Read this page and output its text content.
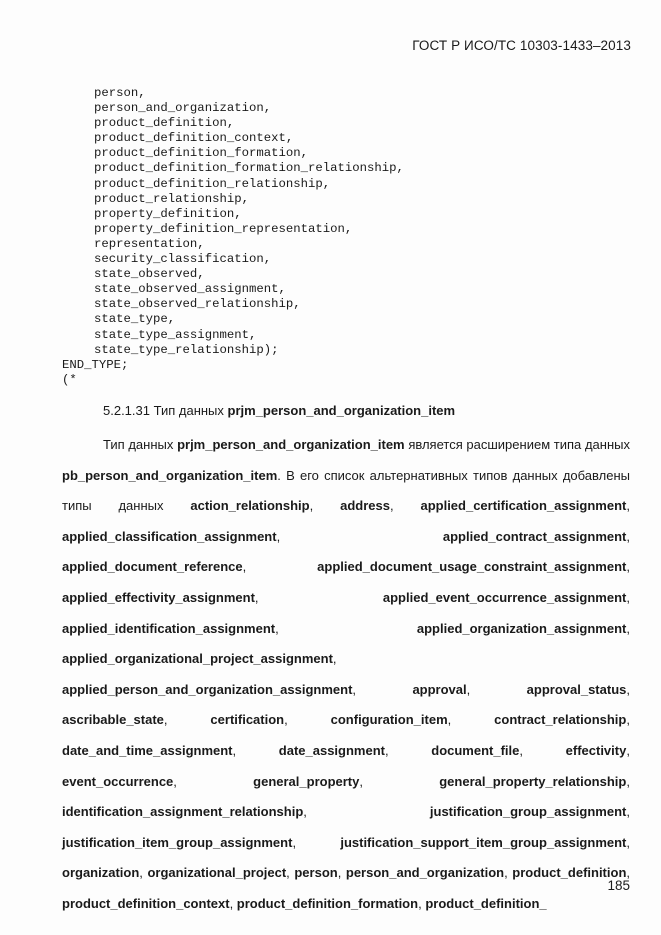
ГОСТ Р ИСО/ТС 10303-1433–2013
person,
person_and_organization,
product_definition,
product_definition_context,
product_definition_formation,
product_definition_formation_relationship,
product_definition_relationship,
product_relationship,
property_definition,
property_definition_representation,
representation,
security_classification,
state_observed,
state_observed_assignment,
state_observed_relationship,
state_type,
state_type_assignment,
state_type_relationship);
END_TYPE;
(*
5.2.1.31 Тип данных prjm_person_and_organization_item

Тип данных prjm_person_and_organization_item является расширением типа данных pb_person_and_organization_item. В его список альтернативных типов данных добавлены типы данных action_relationship, address, applied_certification_assignment, applied_classification_assignment, applied_contract_assignment, applied_document_reference, applied_document_usage_constraint_assignment, applied_effectivity_assignment, applied_event_occurrence_assignment, applied_identification_assignment, applied_organization_assignment, applied_organizational_project_assignment, applied_person_and_organization_assignment, approval, approval_status, ascribable_state, certification, configuration_item, contract_relationship, date_and_time_assignment, date_assignment, document_file, effectivity, event_occurrence, general_property, general_property_relationship, identification_assignment_relationship, justification_group_assignment, justification_item_group_assignment, justification_support_item_group_assignment, organization, organizational_project, person, person_and_organization, product_definition, product_definition_context, product_definition_formation, product_definition_

185
